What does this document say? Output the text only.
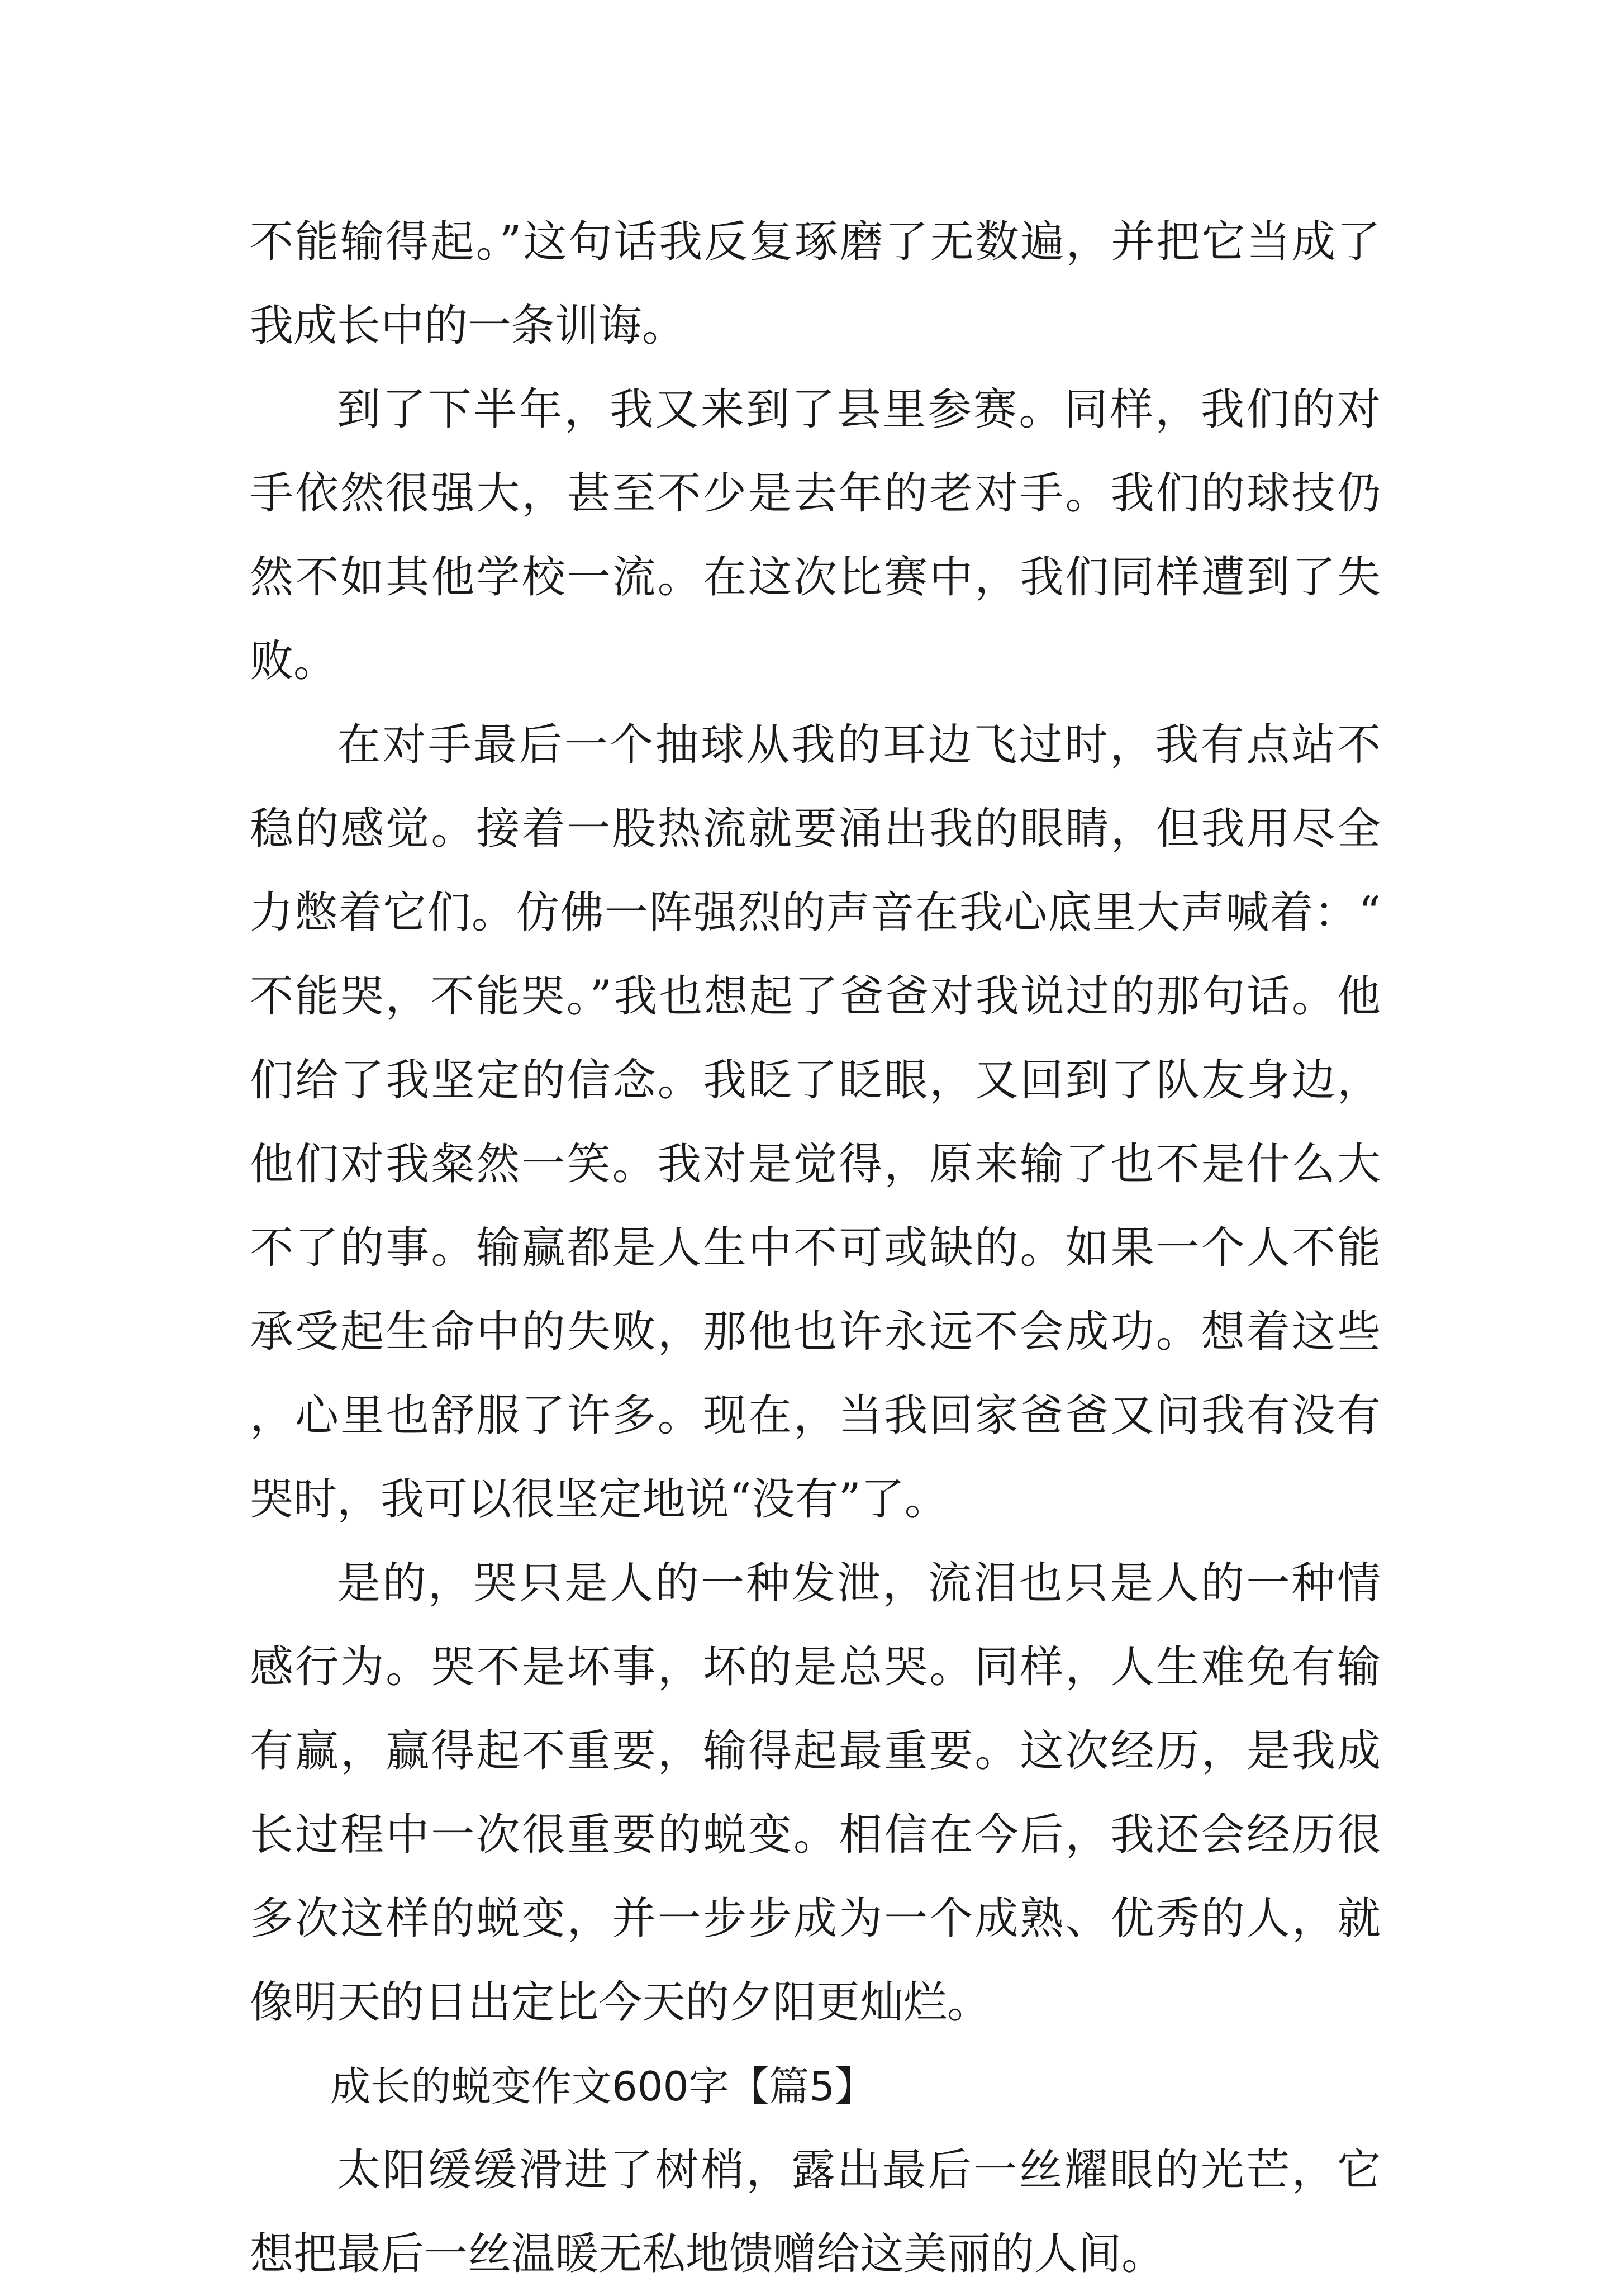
不能输得起。”这句话我反复琢磨了无数遍，并把它当成了我成长中的一条训诲。

到了下半年，我又来到了县里参赛。同样，我们的对手依然很强大，甚至不少是去年的老对手。我们的球技仍然不如其他学校一流。在这次比赛中，我们同样遭到了失败。

在对手最后一个抽球从我的耳边飞过时，我有点站不稳的感觉。接着一股热流就要涌出我的眼睛，但我用尽全力憋着它们。仿佛一阵强烈的声音在我心底里大声喊着：“不能哭，不能哭。”我也想起了爸爸对我说过的那句话。他们给了我坚定的信念。我眨了眨眼，又回到了队友身边，他们对我粲然一笑。我对是觉得，原来输了也不是什么大不了的事。输赢都是人生中不可或缺的。如果一个人不能承受起生命中的失败，那他也许永远不会成功。想着这些，心里也舒服了许多。现在，当我回家爸爸又问我有没有哭时，我可以很坚定地说“没有”了。

是的，哭只是人的一种发泄，流泪也只是人的一种情感行为。哭不是坏事，坏的是总哭。同样，人生难免有输有赢，赢得起不重要，输得起最重要。这次经历，是我成长过程中一次很重要的蜕变。相信在今后，我还会经历很多次这样的蜕变，并一步步成为一个成熟、优秀的人，就像明天的日出定比今天的夕阳更灿烂。

成长的蜕变作文600字【篇5】

太阳缓缓滑进了树梢，露出最后一丝耀眼的光芒，它想把最后一丝温暖无私地馈赠给这美丽的人间。
